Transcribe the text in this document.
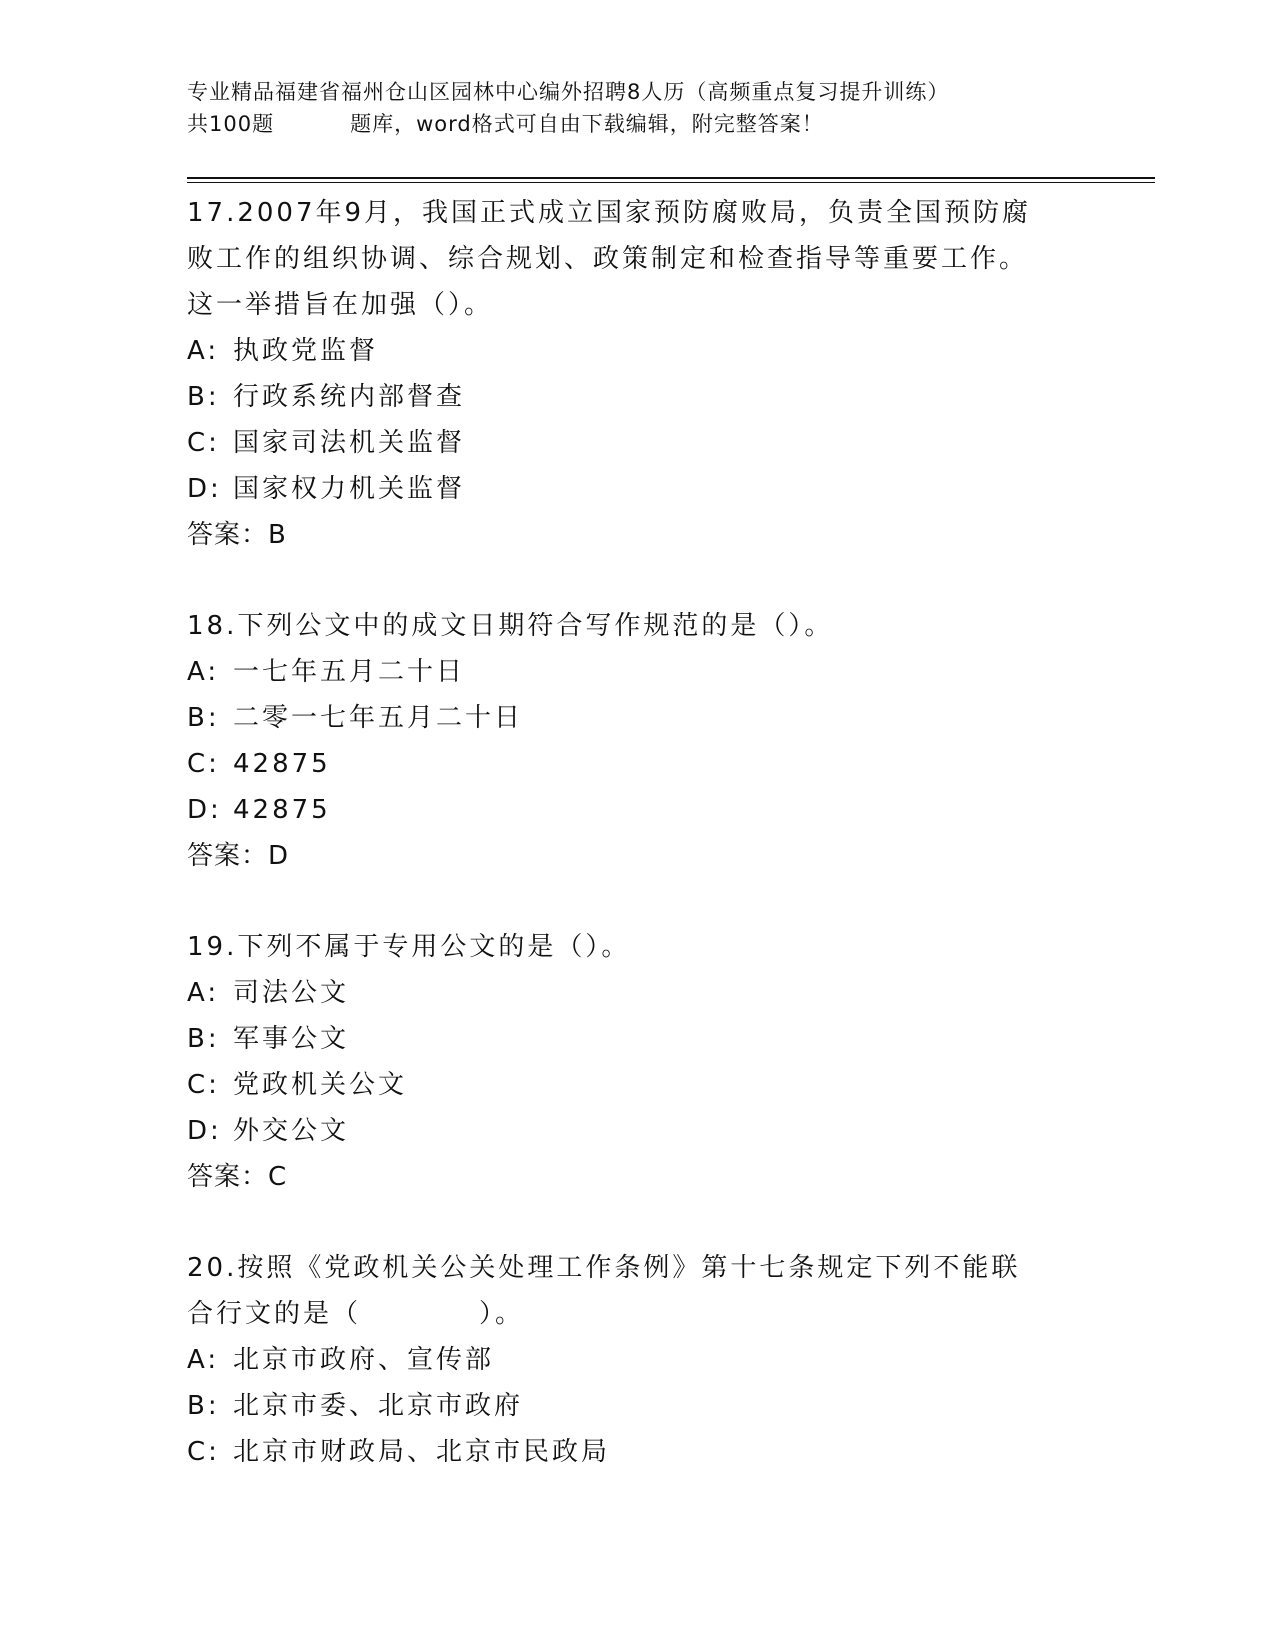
专业精品福建省福州仓山区园林中心编外招聘8人历（高频重点复习提升训练）
共100题	题库，word格式可自由下载编辑，附完整答案！
17.2007年9月，我国正式成立国家预防腐败局，负责全国预防腐败工作的组织协调、综合规划、政策制定和检查指导等重要工作。这一举措旨在加强（）。
A: 执政党监督
B: 行政系统内部督查
C: 国家司法机关监督
D: 国家权力机关监督
答案：B
18.下列公文中的成文日期符合写作规范的是（）。
A: 一七年五月二十日
B: 二零一七年五月二十日
C: 42875
D: 42875
答案：D
19.下列不属于专用公文的是（）。
A: 司法公文
B: 军事公文
C: 党政机关公文
D: 外交公文
答案：C
20.按照《党政机关公关处理工作条例》第十七条规定下列不能联合行文的是（	）。
A: 北京市政府、宣传部
B: 北京市委、北京市政府
C: 北京市财政局、北京市民政局
